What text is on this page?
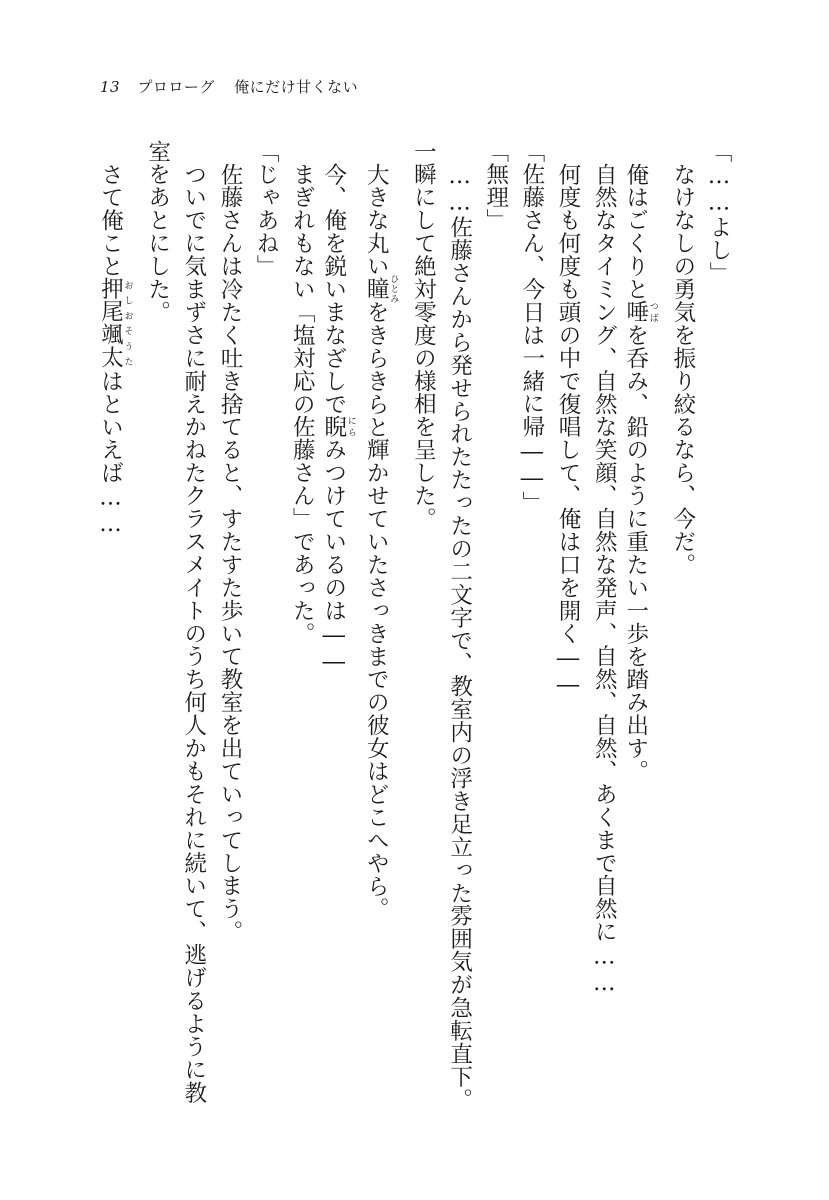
13 プロローグ 俺にだけ甘くない
「……よし」
なけなしの勇気を振り絞るなら、今だ。
俺はごくりと唾 つばを呑み、鉛のように重たい一歩を踏み出す。
自然なタイミング、自然な笑顔、自然な発声、自然、自然、あくまで自然に……
何度も何度も頭の中で復唱して、俺は口を開く――
「佐藤さん、今日は一緒に帰――」
「無理」
……佐藤さんから発せられたたったの二文字で、教室内の浮き足立った雰囲気が急転直下。
一瞬にして絶対零度の様相を呈した。
大きな丸い瞳 ひとみをきらきらと輝かせていたさっきまでの彼女はどこへやら。
今、俺を鋭いまなざしで睨 にらみつけているのは――
まぎれもない「塩対応の佐藤さん」であった。
「じゃあね」
佐藤さんは冷たく吐き捨てると、すたすた歩いて教室を出ていってしまう。
ついでに気まずさに耐えかねたクラスメイトのうち何人かもそれに続いて、逃げるように教
室をあとにした。
さて俺こと押尾颯太 おしおそうたはといえば……
